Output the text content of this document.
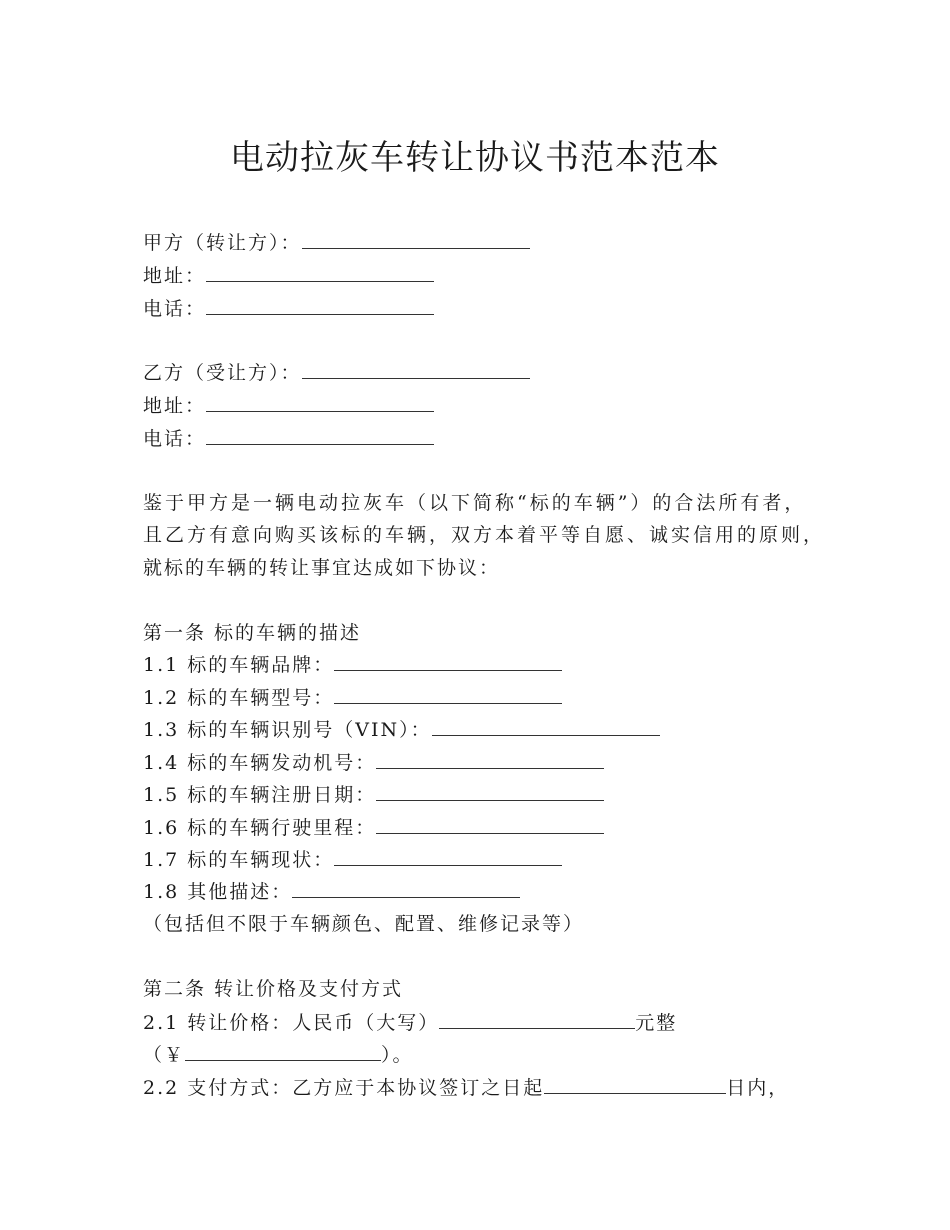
电动拉灰车转让协议书范本范本
甲方（转让方）：
地址：
电话：
乙方（受让方）：
地址：
电话：
鉴于甲方是一辆电动拉灰车（以下简称“标的车辆”）的合法所有者，
且乙方有意向购买该标的车辆，双方本着平等自愿、诚实信用的原则，
就标的车辆的转让事宜达成如下协议：
第一条 标的车辆的描述
1.1 标的车辆品牌：
1.2 标的车辆型号：
1.3 标的车辆识别号（VIN）：
1.4 标的车辆发动机号：
1.5 标的车辆注册日期：
1.6 标的车辆行驶里程：
1.7 标的车辆现状：
1.8 其他描述：
（包括但不限于车辆颜色、配置、维修记录等）
第二条 转让价格及支付方式
2.1 转让价格：人民币（大写）	元整
（￥	）。
2.2 支付方式：乙方应于本协议签订之日起	日内，
